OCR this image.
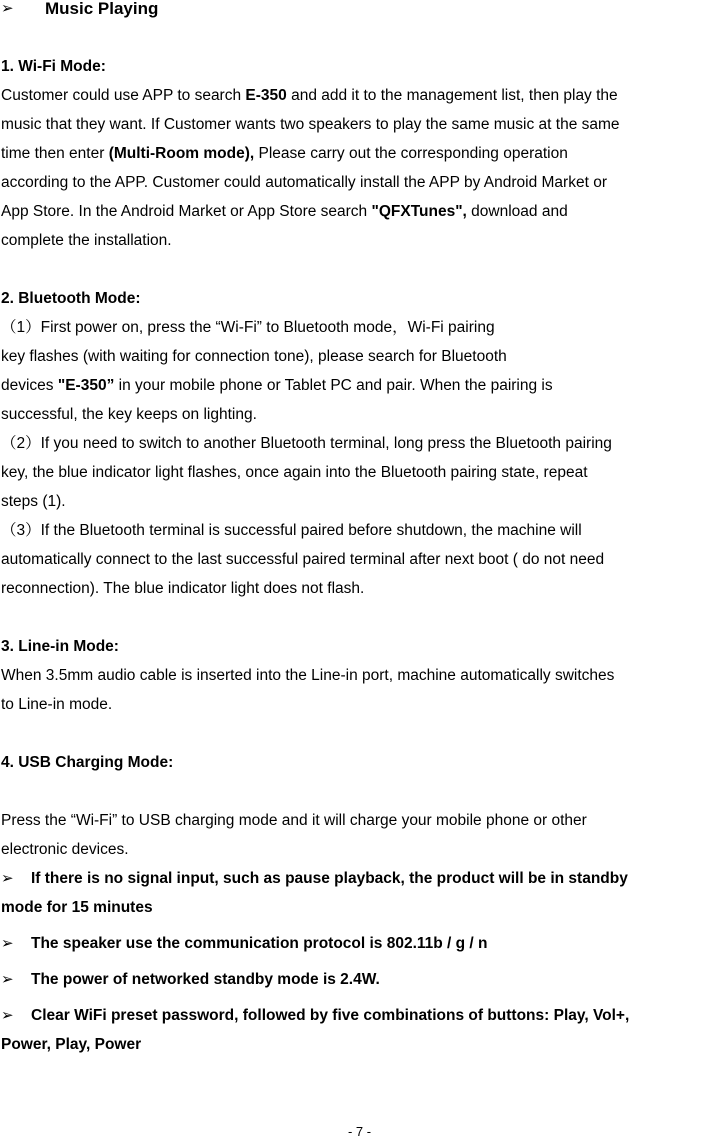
➢	Music Playing

1. Wi-Fi Mode:

Customer could use APP to search E-350 and add it to the management list, then play the

music that they want. If Customer wants two speakers to play the same music at the same

time then enter (Multi-Room mode), Please carry out the corresponding operation

according to the APP. Customer could automatically install the APP by Android Market or

App Store. In the Android Market or App Store search "QFXTunes", download and

complete the installation.

2. Bluetooth Mode:

（1）First power on, press the “Wi-Fi” to Bluetooth mode，Wi-Fi pairing

key flashes (with waiting for connection tone), please search for Bluetooth

devices "E-350” in your mobile phone or Tablet PC and pair. When the pairing is

successful, the key keeps on lighting.

（2）If you need to switch to another Bluetooth terminal, long press the Bluetooth pairing

key, the blue indicator light flashes, once again into the Bluetooth pairing state, repeat

steps (1).

（3）If the Bluetooth terminal is successful paired before shutdown, the machine will

automatically connect to the last successful paired terminal after next boot ( do not need

reconnection). The blue indicator light does not flash.

3. Line-in Mode:

When 3.5mm audio cable is inserted into the Line-in port, machine automatically switches

to Line-in mode.

4. USB Charging Mode:

Press the “Wi-Fi” to USB charging mode and it will charge your mobile phone or other

electronic devices.

➢ If there is no signal input, such as pause playback, the product will be in standby

mode for 15 minutes

➢ The speaker use the communication protocol is 802.11b / g / n

➢ The power of networked standby mode is 2.4W.

➢ Clear WiFi preset password, followed by five combinations of buttons: Play, Vol+,

Power, Play, Power

- 7 -
